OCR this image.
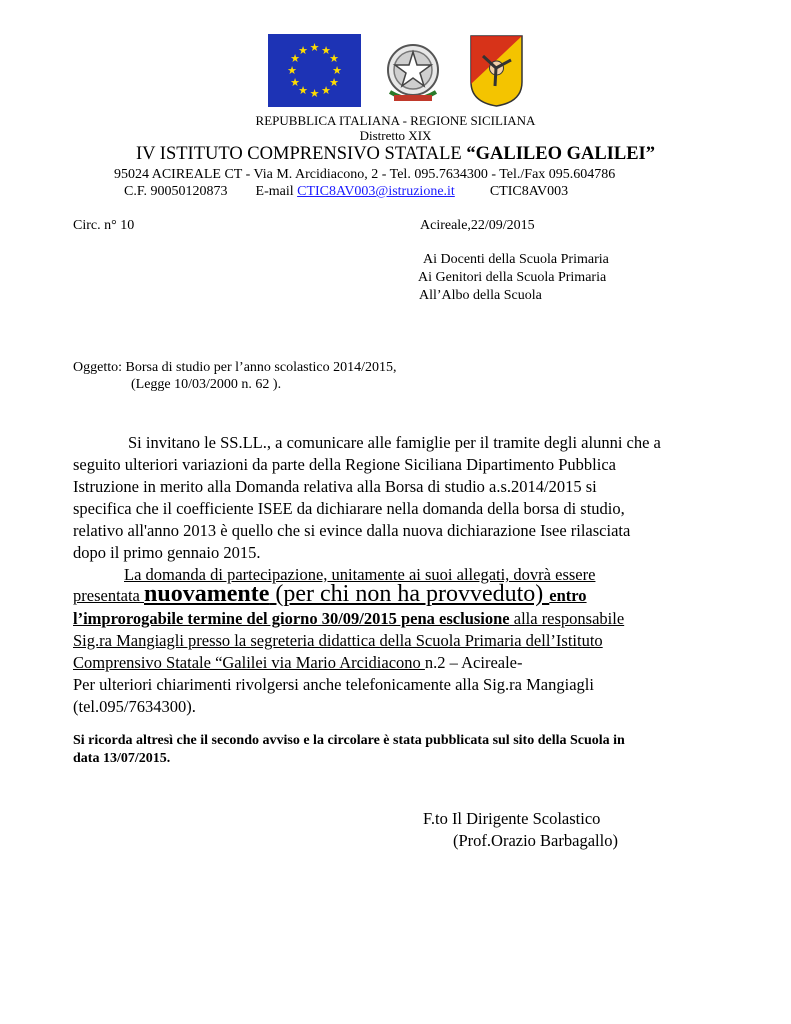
★ ★
★
★
★
★
★
★
★
★
★
★
REPUBBLICA ITALIANA - REGIONE SICILIANA
Distretto XIX
IV ISTITUTO COMPRENSIVO STATALE “GALILEO GALILEI”
95024 ACIREALE CT - Via M. Arcidiacono, 2 - Tel. 095.7634300 - Tel./Fax 095.604786
C.F. 90050120873 E-mail CTIC8AV003@istruzione.it	CTIC8AV003
Circ. n° 10	Acireale,22/09/2015
Ai Docenti della Scuola Primaria
Ai Genitori della Scuola Primaria
All’Albo della Scuola
Oggetto: Borsa di studio per l’anno scolastico 2014/2015,
(Legge 10/03/2000 n. 62 ).
Si invitano le SS.LL., a comunicare alle famiglie per il tramite degli alunni che a
seguito ulteriori variazioni da parte della Regione Siciliana Dipartimento Pubblica
Istruzione in merito alla Domanda relativa alla Borsa di studio a.s.2014/2015 si
specifica che il coefficiente ISEE da dichiarare nella domanda della borsa di studio,
relativo all'anno 2013 è quello che si evince dalla nuova dichiarazione Isee rilasciata
dopo il primo gennaio 2015.
La domanda di partecipazione, unitamente ai suoi allegati, dovrà essere
presentata nuovamente (per chi non ha provveduto) entro
l’improrogabile termine del giorno 30/09/2015 pena esclusione alla responsabile
Sig.ra Mangiagli presso la segreteria didattica della Scuola Primaria dell’Istituto
Comprensivo Statale “Galilei via Mario Arcidiacono n.2 – Acireale-
Per ulteriori chiarimenti rivolgersi anche telefonicamente alla Sig.ra Mangiagli
(tel.095/7634300).
Si ricorda altresì che il secondo avviso e la circolare è stata pubblicata sul sito della Scuola in
data 13/07/2015.
F.to Il Dirigente Scolastico
(Prof.Orazio Barbagallo)
